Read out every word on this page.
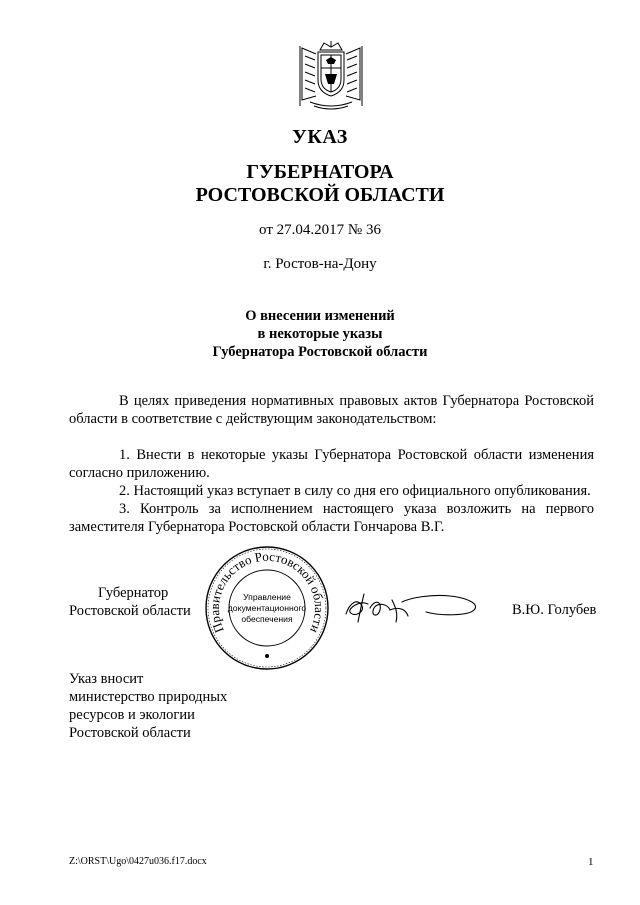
УКАЗ
ГУБЕРНАТОРА
РОСТОВСКОЙ ОБЛАСТИ
от 27.04.2017 № 36
г. Ростов-на-Дону
О внесении изменений
в некоторые указы
Губернатора Ростовской области
В целях приведения нормативных правовых актов Губернатора Ростовской области в соответствие с действующим законодательством:
1. Внести в некоторые указы Губернатора Ростовской области изменения согласно приложению.
2. Настоящий указ вступает в силу со дня его официального опубликования.
3. Контроль за исполнением настоящего указа возложить на первого заместителя Губернатора Ростовской области Гончарова В.Г.
Губернатор
Ростовской области
Правительство Ростовской области
Управление
документационного
обеспечения
В.Ю. Голубев
Указ вносит
министерство природных
ресурсов и экологии
Ростовской области
Z:\ORST\Ugo\0427u036.f17.docx	1
